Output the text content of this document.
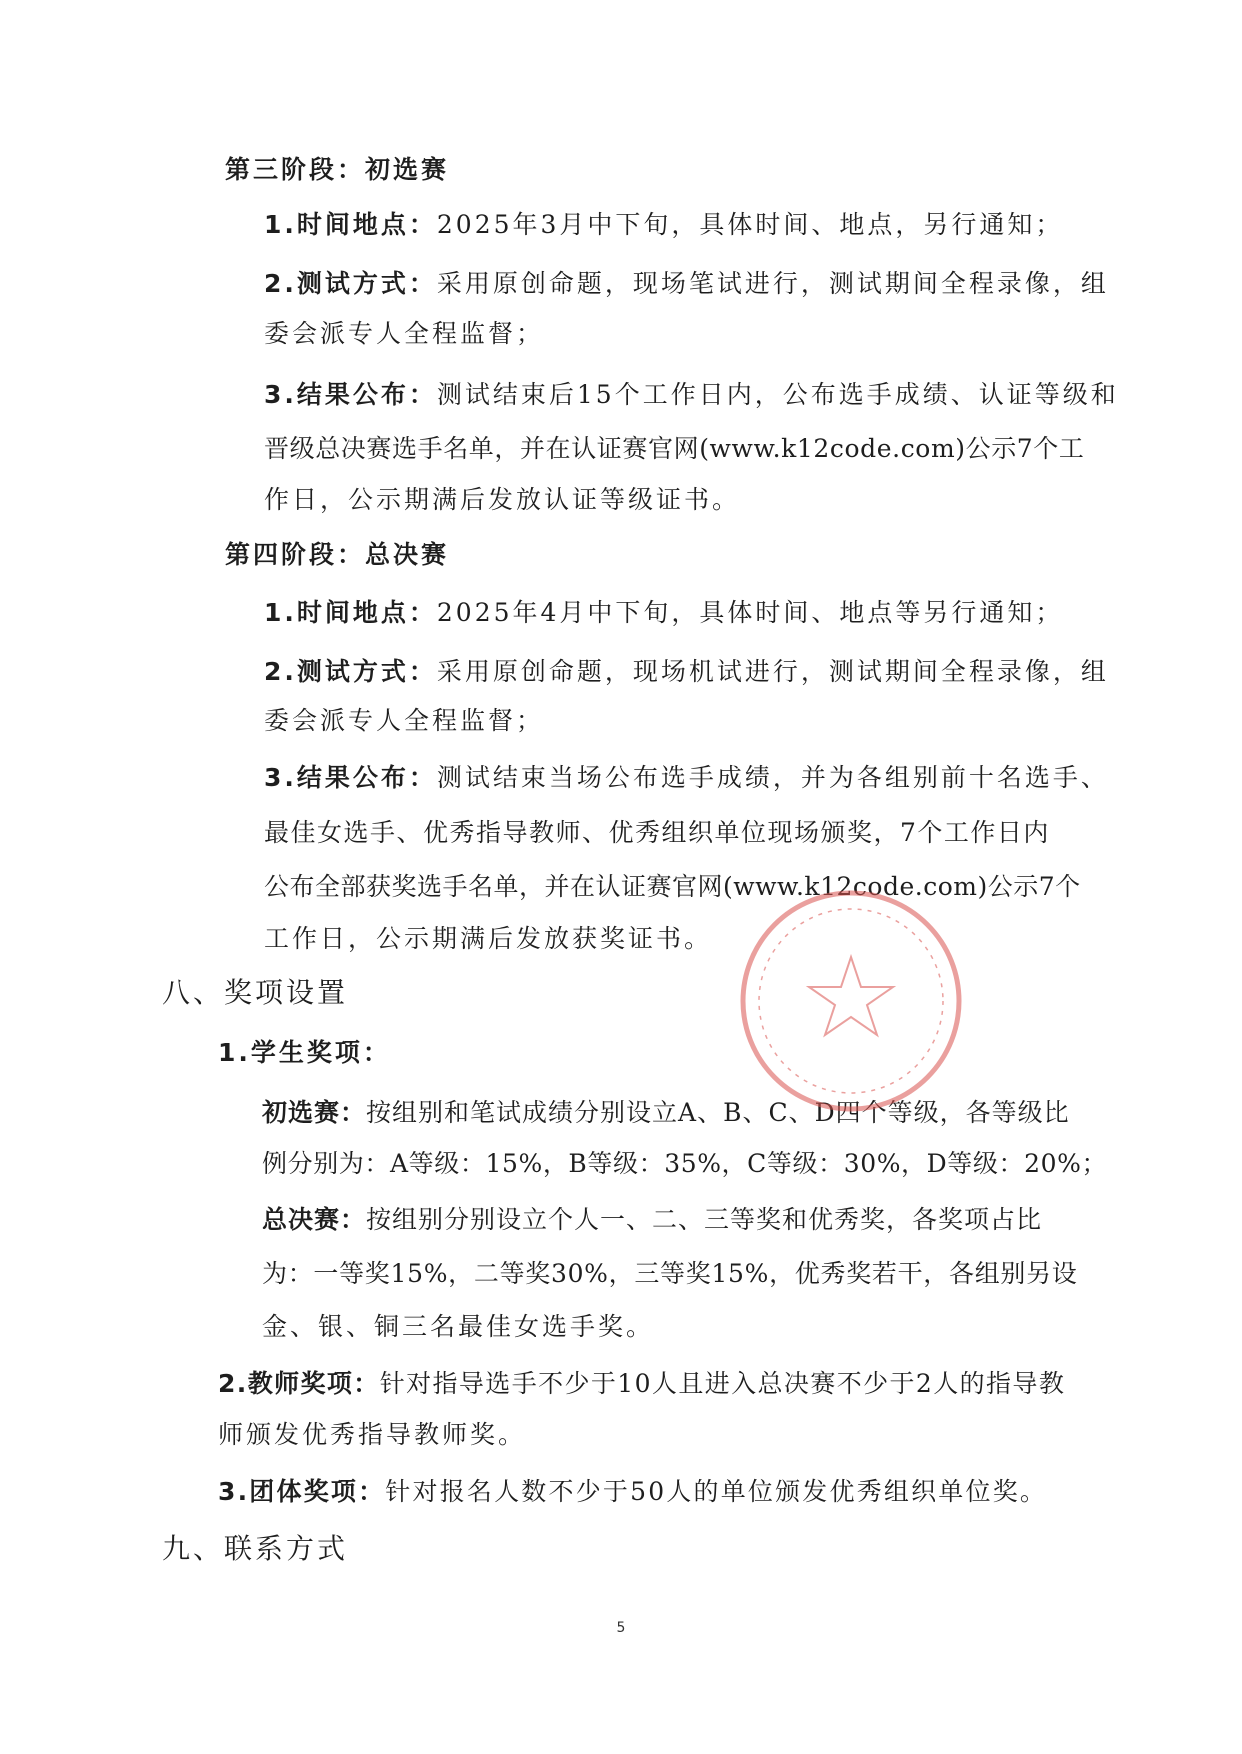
第三阶段：初选赛
1.时间地点：2025年3月中下旬，具体时间、地点，另行通知；
2.测试方式：采用原创命题，现场笔试进行，测试期间全程录像，组
委会派专人全程监督；
3.结果公布：测试结束后15个工作日内，公布选手成绩、认证等级和
晋级总决赛选手名单，并在认证赛官网(www.k12code.com)公示7个工
作日，公示期满后发放认证等级证书。
第四阶段：总决赛
1.时间地点：2025年4月中下旬，具体时间、地点等另行通知；
2.测试方式：采用原创命题，现场机试进行，测试期间全程录像，组
委会派专人全程监督；
3.结果公布：测试结束当场公布选手成绩，并为各组别前十名选手、
最佳女选手、优秀指导教师、优秀组织单位现场颁奖，7个工作日内
公布全部获奖选手名单，并在认证赛官网(www.k12code.com)公示7个
工作日，公示期满后发放获奖证书。
八、奖项设置
1.学生奖项：
初选赛：按组别和笔试成绩分别设立A、B、C、D四个等级，各等级比
例分别为：A等级：15%，B等级：35%，C等级：30%，D等级：20%；
总决赛：按组别分别设立个人一、二、三等奖和优秀奖，各奖项占比
为：一等奖15%，二等奖30%，三等奖15%，优秀奖若干，各组别另设
金、银、铜三名最佳女选手奖。
2.教师奖项：针对指导选手不少于10人且进入总决赛不少于2人的指导教
师颁发优秀指导教师奖。
3.团体奖项：针对报名人数不少于50人的单位颁发优秀组织单位奖。
九、联系方式
5
